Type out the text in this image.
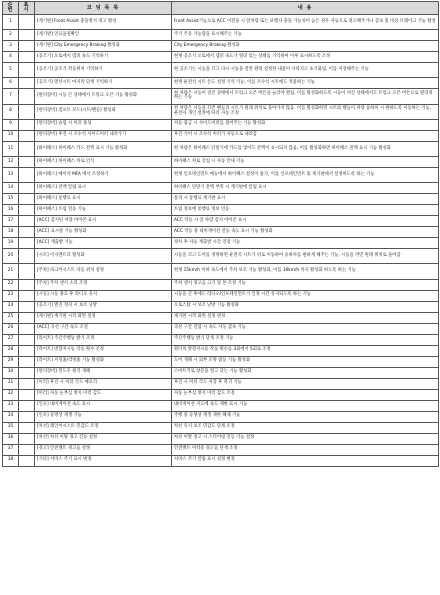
순번	표시	코 딩 목 록	내 용
1		[계기판] Front Assist 충돌방지 경고 활성	Front Assist기능으로 ACC 이전을 시 앞차량 또는 보행자 충돌 가능성이 높은 경우 자동으로 경고해주거나 감속 및 비상 브레이크 기능 활성
2		[계기판] 연료품질확인	주기 주유 가능량을 표시해주는 기능
3		[계기판] City Emergency Braking 활성화	City Emergency Braking 활성화
4		[공조기] 오토에서 댐퍼 속도 기억하기	현재 공조기 오토에서 댐퍼 속도가 열려 있는 상태를 기억하여 이후 표시하도록 조정
5		[공조기] 공조기 작동위치 기억하기	현 공조기는 시동을 끄고 다시 시동을 걸면 원래 설정된 내용이 사라지고 초기화됨, 이를 저장해주는 기능
6		[공조기] 열선시트 마지막 단계 기억하기	현재 운전석 시트 온도 설정 기억 기능, 이를 조수석 시트에도 적용하는 기능
7		[편의장비] 시동 끈 상태에서 트렁크 오픈 기능 활성화	현 차량은 시동이 걸린 상태에서 트렁크 오픈 버튼을 눌러야 열림, 이를 활성화하도록 시동이 꺼진 상태에서도 트렁크 오픈 버튼으로 열리게 하는 기능
8		[편의장비] 컴포트 모드(시트/핸들) 활성화	현 차량은 시동을 끄면 핸들과 시트가 원래 위치로 돌아가지 않음. 이를 활성화하면 시트와 핸들이 차량 승하차 시 편하도록 이동하는 기능, 운전자 개인 설정에 따라 자동 조정
9		[편의장비] 슬립 시 미러 폴딩	자동 잠금 시 사이드미러를 접어주는 기능 활성화
10		[편의장비] 후진 시 조수석 사이드미러 내려가기	후진 기어 시 조수석 미러가 자동으로 내려감
11		[하이패스] 하이패스 카드 잔액 표시 기능 활성화	현 차량은 하이패스 단말기에 카드를 넣어도 잔액이 표시되지 않음, 이를 활성화하면 하이패스 잔액 표시 기능 활성화
12		[하이패스] 하이패스 차로 인식	하이패스 차로 진입 시 자동 안내 기능
13		[하이패스] 메이커 MFA 에서 조정하기	현재 인포테인먼트 메뉴에서 하이패스 설정이 불가, 이를 인포테인먼트 및 계기판에서 설정하도록 하는 기능
14		[하이패스] 잔액 알림 표시	하이패스 단말기 잔액 부족 시 계기판에 알림 표시
15		[하이패스] 통행료 표시	통과 시 통행료 계기판 표시
16		[하이패스] 트립 연동 기능	트립 정보에 통행료 정보 연동
17		[ACC] 감지된 차량 아이콘 표시	ACC 작동 시 앞 차량 감지 아이콘 표시
18		[ACC] 표시창 기능 활성화	ACC 작동 중 내비게이션 연동 속도 표시 기능 활성화
19		[ACC] 재출발 기능	정차 후 자동 재출발 시간 연장 기능
20		[시트] 이지엔트리 활성화	시동을 끄고 도어를 개방하면 운전석 시트가 뒤로 이동하여 승하차를 편하게 해주는 기능, 시동을 켜면 원래 위치로 돌아감
21		[주차] 파크어시스트 자동 위치 설정	현재 15km/h 이하 속도에서 주차 보조 기능 활성화, 이를 30km/h 까지 활성화 하도록 하는 기능
22		[주차] 주차 센서 소리 조정	주차 센서 경고음 크기 및 톤 조정 기능
23		[시동] 시동 종료 후 라디오 유지	시동을 끈 후에도 라디오/인포테인먼트가 일정 시간 유지되도록 하는 기능
24		[공조기] 엔진 정지 시 보조 난방	오토스탑 시 보조 난방 기능 활성화
25		[계기판] 계기판 시작 화면 설정	계기판 시작 화면 설정 변경
26		[ACC] 곡선 구간 속도 조절	곡선 구간 진입 시 속도 자동 감속 기능
27		[라이트] 주간주행등 밝기 조정	주간주행등 밝기 단계 조정 기능
28		[라이트] 방향지시등 작동 횟수 조정	원터치 방향지시등 작동 횟수를 3회에서 5회로 조정
29		[라이트] 커밍홈/리빙홈 기능 활성화	도어 개폐 시 외부 조명 점등 기능 활성화
30		[편의장비] 윈도우 원격 개폐	스마트키로 창문을 열고 닫는 기능 활성화
31		[미러] 후진 시 미러 각도 메모리	후진 시 미러 각도 저장 후 복귀 기능
32		[미러] 자동 눈부심 방지 미러 감도	자동 눈부심 방지 미러 감도 조정
33		[인포] 내비게이션 속도 표시	내비게이션 지도에 속도 제한 표시 기능
34		[인포] 동영상 재생 기능	주행 중 동영상 재생 제한 해제 기능
35		[차선] 레인어시스트 민감도 조정	차선 유지 보조 민감도 단계 조정
36		[차선] 차선 이탈 경고 진동 설정	차선 이탈 경고 시 스티어링 진동 기능 설정
37		[경고] 안전벨트 경고음 설정	안전벨트 미착용 경고음 단계 조정
38		[기타] 서비스 주기 표시 변경	서비스 주기 알림 표시 설정 변경
